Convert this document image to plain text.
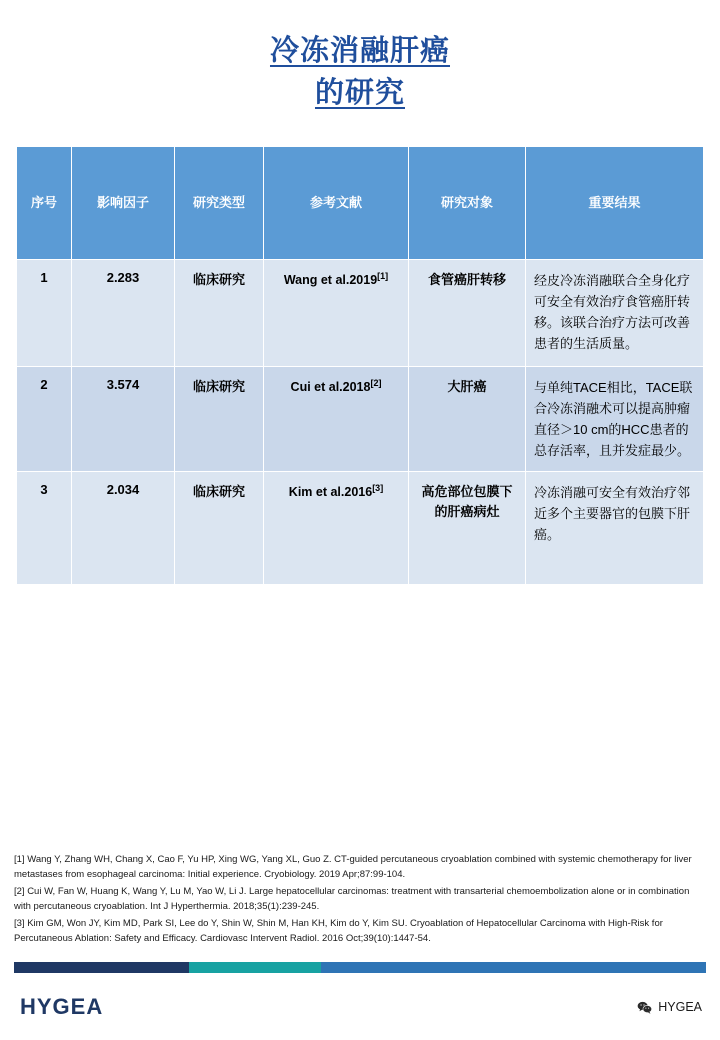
冷冻消融肝癌
的研究
序号	影响因子	研究类型	参考文献	研究对象	重要结果
1	2.283	临床研究	Wang et al.2019[1]	食管癌肝转移	经皮冷冻消融联合全身化疗可安全有效治疗食管癌肝转移。该联合治疗方法可改善患者的生活质量。
2	3.574	临床研究	Cui et al.2018[2]	大肝癌	与单纯TACE相比，TACE联合冷冻消融术可以提高肿瘤直径＞10 cm的HCC患者的总存活率，且并发症最少。
3	2.034	临床研究	Kim et al.2016[3]	高危部位包膜下的肝癌病灶	冷冻消融可安全有效治疗邻近多个主要器官的包膜下肝癌。

[1] Wang Y, Zhang WH, Chang X, Cao F, Yu HP, Xing WG, Yang XL, Guo Z. CT-guided percutaneous cryoablation combined with systemic chemotherapy for liver metastases from esophageal carcinoma: Initial experience. Cryobiology. 2019 Apr;87:99-104.

[2] Cui W, Fan W, Huang K, Wang Y, Lu M, Yao W, Li J. Large hepatocellular carcinomas: treatment with transarterial chemoembolization alone or in combination with percutaneous cryoablation. Int J Hyperthermia. 2018;35(1):239-245.

[3] Kim GM, Won JY, Kim MD, Park SI, Lee do Y, Shin W, Shin M, Han KH, Kim do Y, Kim SU. Cryoablation of Hepatocellular Carcinoma with High-Risk for Percutaneous Ablation: Safety and Efficacy. Cardiovasc Intervent Radiol. 2016 Oct;39(10):1447-54.

HYGEA	HYGEA
